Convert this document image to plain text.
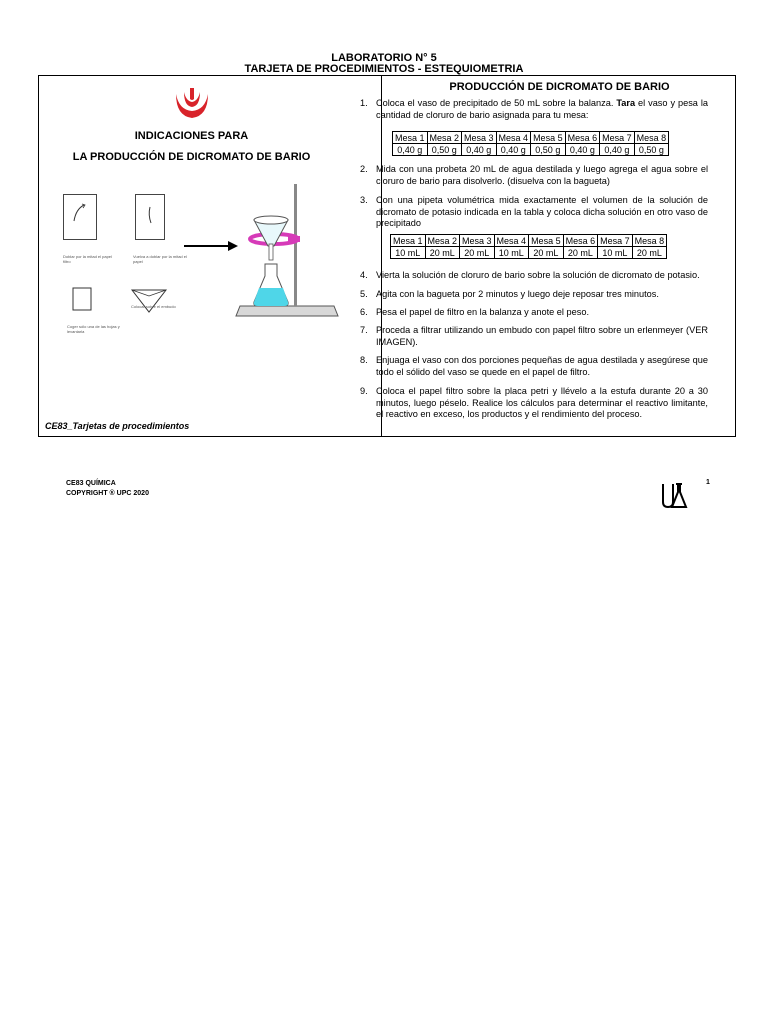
LABORATORIO N° 5
TARJETA DE PROCEDIMIENTOS - ESTEQUIOMETRIA
INDICACIONES PARA
LA PRODUCCIÓN DE DICROMATO DE BARIO
Doblar por la mitad el papel filtro
Vuelva a doblar por la mitad el papel
Coger sólo una de las hojas y levantarla
Colocar sobre el embudo
CE83_Tarjetas de procedimientos
PRODUCCIÓN DE DICROMATO DE BARIO
1. Coloca el vaso de precipitado de 50 mL sobre la balanza. Tara el vaso y pesa la cantidad de cloruro de bario asignada para tu mesa:
Mesa 1	Mesa 2	Mesa 3	Mesa 4	Mesa 5	Mesa 6	Mesa 7	Mesa 8
0,40 g	0,50 g	0,40 g	0,40 g	0,50 g	0,40 g	0,40 g	0,50 g
2. Mida con una probeta 20 mL de agua destilada y luego agrega el agua sobre el cloruro de bario para disolverlo. (disuelva con la bagueta)
3. Con una pipeta volumétrica mida exactamente el volumen de la solución de dicromato de potasio indicada en la tabla y coloca dicha solución en otro vaso de precipitado
Mesa 1	Mesa 2	Mesa 3	Mesa 4	Mesa 5	Mesa 6	Mesa 7	Mesa 8
10 mL	20 mL	20 mL	10 mL	20 mL	20 mL	10 mL	20 mL
4. Vierta la solución de cloruro de bario sobre la solución de dicromato de potasio.
5. Agita con la bagueta por 2 minutos y luego deje reposar tres minutos.
6. Pesa el papel de filtro en la balanza y anote el peso.
7. Proceda a filtrar utilizando un embudo con papel filtro sobre un erlenmeyer (VER IMAGEN).
8. Enjuaga el vaso con dos porciones pequeñas de agua destilada y asegúrese que todo el sólido del vaso se quede en el papel de filtro.
9. Coloca el papel filtro sobre la placa petri y llévelo a la estufa durante 20 a 30 minutos, luego péselo. Realice los cálculos para determinar el reactivo limitante, el reactivo en exceso, los productos y el rendimiento del proceso.
CE83 QUÍMICA
COPYRIGHT ® UPC 2020
1
